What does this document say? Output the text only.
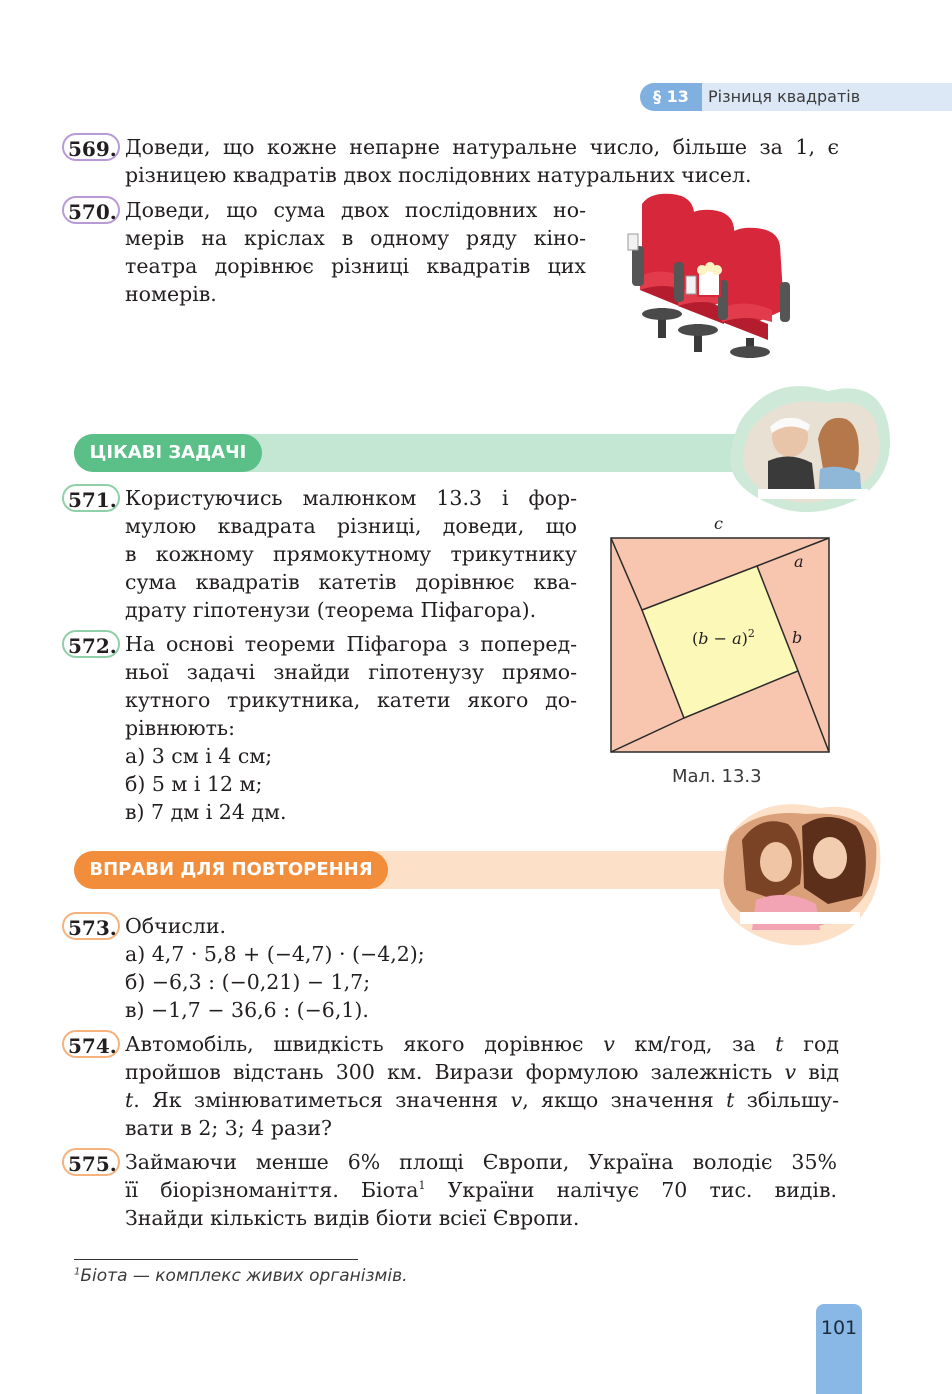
§ 13	Різниця квадратів
569. Доведи, що кожне непарне натуральне число, більше за 1, є

різницею квадратів двох послідовних натуральних чисел.

570. Доведи, що сума двох послідовних но-

мерів на кріслах в одному ряду кіно-

театра дорівнює різниці квадратів цих

номерів.

ЦІКАВІ ЗАДАЧІ
571. Користуючись малюнком 13.3 і фор-

мулою квадрата різниці, доведи, що

в кожному прямокутному трикутнику

сума квадратів катетів дорівнює ква-

драту гіпотенузи (теорема Піфагора).

c
a
b
$(b - a)^2$
Мал. 13.3
572. На основі теореми Піфагора з поперед-

ньої задачі знайди гіпотенузу прямо-

кутного трикутника, катети якого до-

рівнюють:

а) 3 см і 4 см;

б) 5 м і 12 м;

в) 7 дм і 24 дм.

ВПРАВИ ДЛЯ ПОВТОРЕННЯ
573. Обчисли.

а) 4,7 · 5,8 + (−4,7) · (−4,2);

б) −6,3 : (−0,21) − 1,7;

в) −1,7 − 36,6 : (−6,1).

574. Автомобіль, швидкість якого дорівнює v км/год, за t год

пройшов відстань 300 км. Вирази формулою залежність v від

t. Як змінюватиметься значення v, якщо значення t збільшу-

вати в 2; 3; 4 рази?

575. Займаючи менше 6% площі Європи, Україна володіє 35%

її біорізноманіття. Біота$^1$ України налічує 70 тис. видів.

Знайди кількість видів біоти всієї Європи.

$^1$Біота — комплекс живих організмів.
101
